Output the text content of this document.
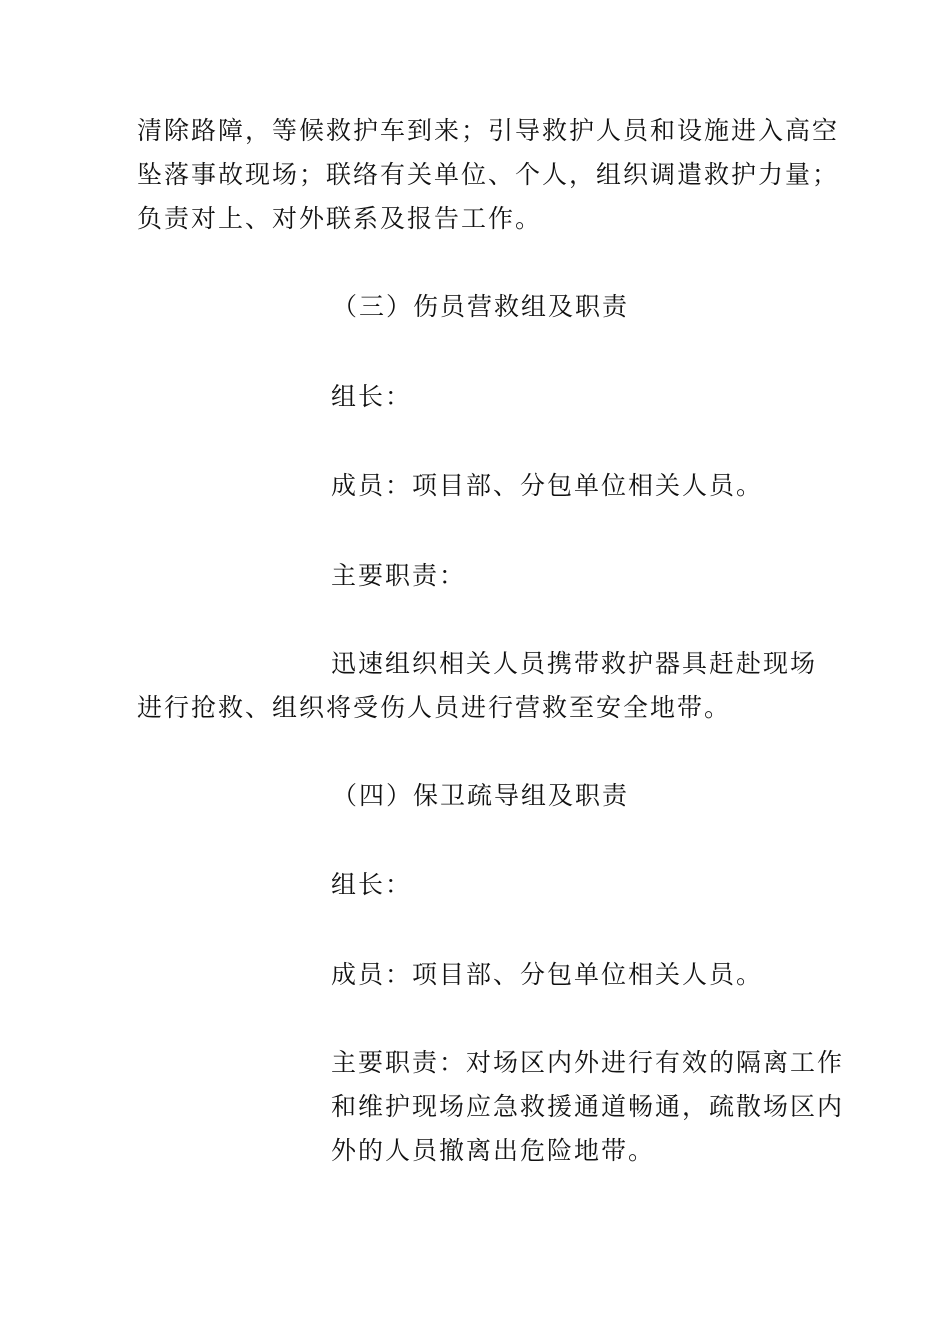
清除路障，等候救护车到来；引导救护人员和设施进入高空
坠落事故现场；联络有关单位、个人，组织调遣救护力量；
负责对上、对外联系及报告工作。
（三）伤员营救组及职责
组长：
成员：项目部、分包单位相关人员。
主要职责：
迅速组织相关人员携带救护器具赶赴现场
进行抢救、组织将受伤人员进行营救至安全地带。
（四）保卫疏导组及职责
组长：
成员：项目部、分包单位相关人员。
主要职责：对场区内外进行有效的隔离工作
和维护现场应急救援通道畅通，疏散场区内
外的人员撤离出危险地带。
